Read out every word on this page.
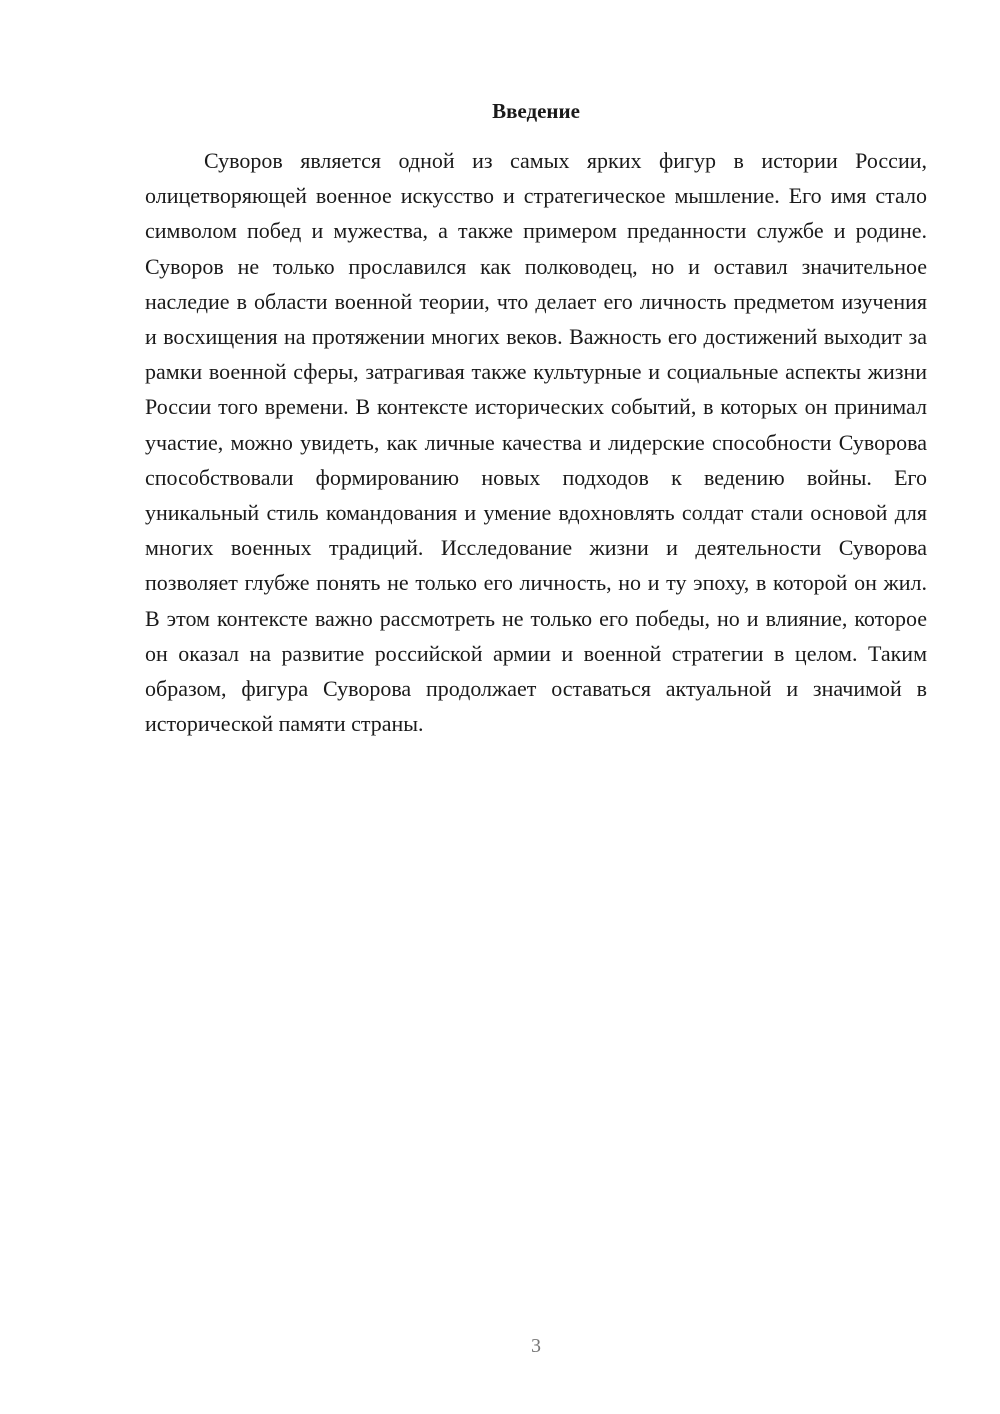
Введение

Суворов является одной из самых ярких фигур в истории России, олицетворяющей военное искусство и стратегическое мышление. Его имя стало символом побед и мужества, а также примером преданности службе и родине. Суворов не только прославился как полководец, но и оставил значительное наследие в области военной теории, что делает его личность предметом изучения и восхищения на протяжении многих веков. Важность его достижений выходит за рамки военной сферы, затрагивая также культурные и социальные аспекты жизни России того времени. В контексте исторических событий, в которых он принимал участие, можно увидеть, как личные качества и лидерские способности Суворова способствовали формированию новых подходов к ведению войны. Его уникальный стиль командования и умение вдохновлять солдат стали основой для многих военных традиций. Исследование жизни и деятельности Суворова позволяет глубже понять не только его личность, но и ту эпоху, в которой он жил. В этом контексте важно рассмотреть не только его победы, но и влияние, которое он оказал на развитие российской армии и военной стратегии в целом. Таким образом, фигура Суворова продолжает оставаться актуальной и значимой в исторической памяти страны.

3
